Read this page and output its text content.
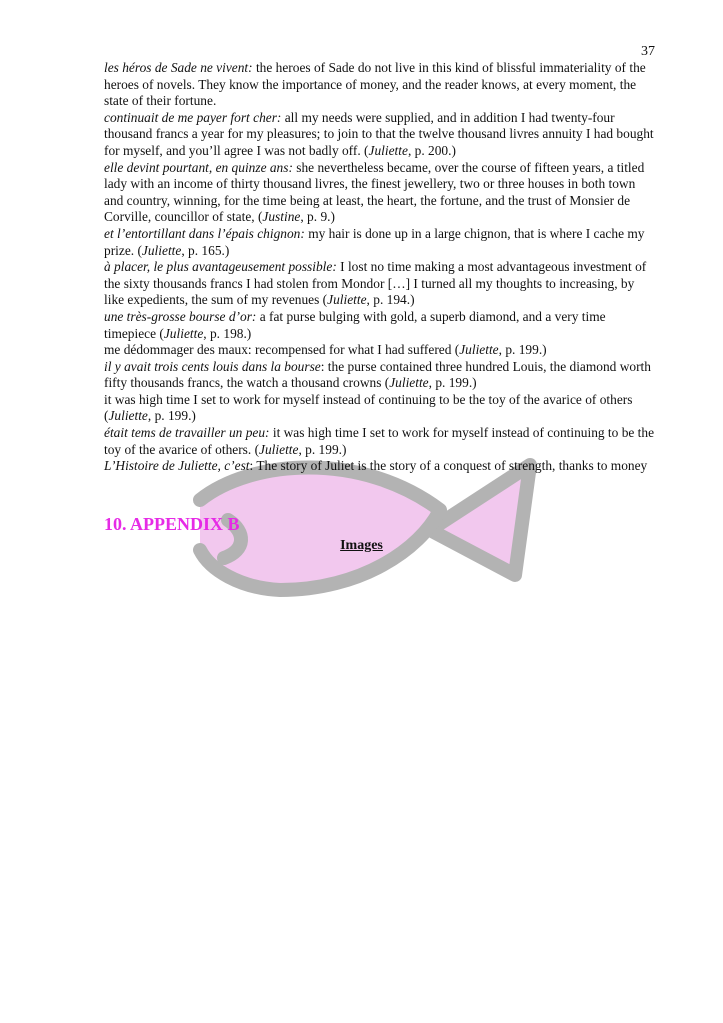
37

les héros de Sade ne vivent: the heroes of Sade do not live in this kind of blissful immateriality of the heroes of novels. They know the importance of money, and the reader knows, at every moment, the state of their fortune.

continuait de me payer fort cher: all my needs were supplied, and in addition I had twenty-four thousand francs a year for my pleasures; to join to that the twelve thousand livres annuity I had bought for myself, and you’ll agree I was not badly off. (Juliette, p. 200.)

elle devint pourtant, en quinze ans: she nevertheless became, over the course of fifteen years, a titled lady with an income of thirty thousand livres, the finest jewellery, two or three houses in both town and country, winning, for the time being at least, the heart, the fortune, and the trust of Monsier de Corville, councillor of state, (Justine, p. 9.)

et l’entortillant dans l’épais chignon: my hair is done up in a large chignon, that is where I cache my prize. (Juliette, p. 165.)

à placer, le plus avantageusement possible: I lost no time making a most advantageous investment of the sixty thousands francs I had stolen from Mondor […] I turned all my thoughts to increasing, by like expedients, the sum of my revenues (Juliette, p. 194.)

une très-grosse bourse d’or: a fat purse bulging with gold, a superb diamond, and a very time timepiece (Juliette, p. 198.)

me dédommager des maux: recompensed for what I had suffered (Juliette, p. 199.)

il y avait trois cents louis dans la bourse: the purse contained three hundred Louis, the diamond worth fifty thousands francs, the watch a thousand crowns (Juliette, p. 199.)

it was high time I set to work for myself instead of continuing to be the toy of the avarice of others (Juliette, p. 199.)

était tems de travailler un peu: it was high time I set to work for myself instead of continuing to be the toy of the avarice of others. (Juliette, p. 199.)

L’Histoire de Juliette, c’est: The story of Juliet is the story of a conquest of strength, thanks to money

10. APPENDIX B
Images
